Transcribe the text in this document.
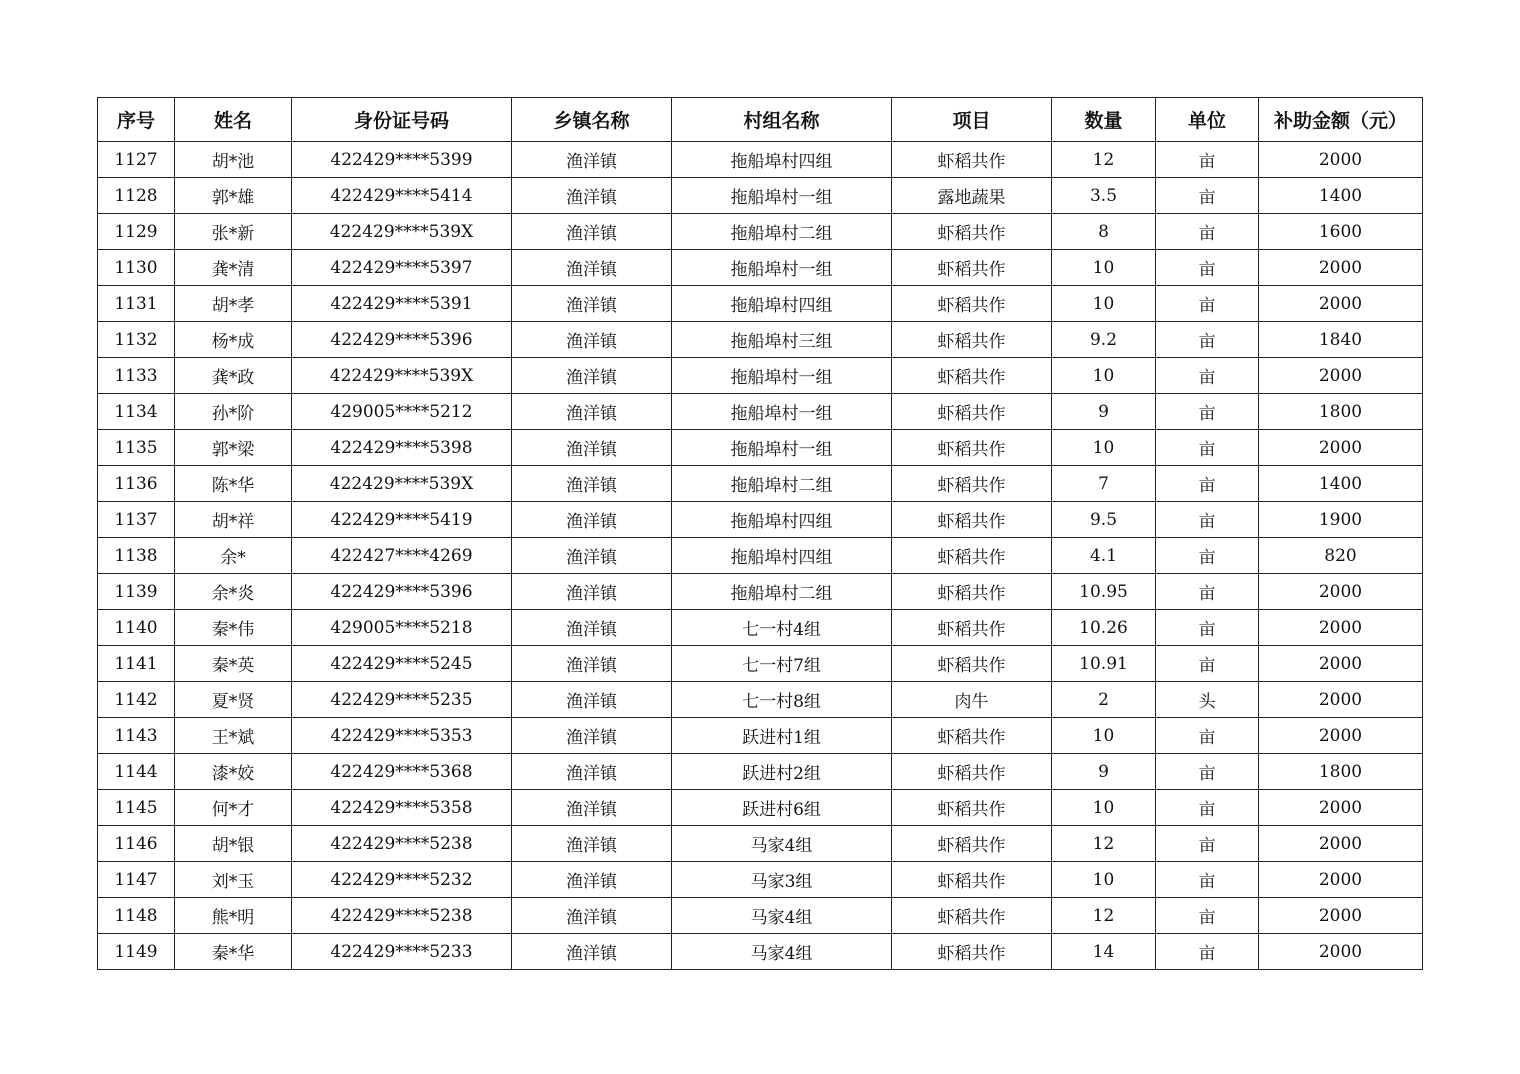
序号	姓名	身份证号码	乡镇名称	村组名称	项目	数量	单位	补助金额（元）
1127	胡*池	422429****5399	渔洋镇	拖船埠村四组	虾稻共作	12	亩	2000
1128	郭*雄	422429****5414	渔洋镇	拖船埠村一组	露地蔬果	3.5	亩	1400
1129	张*新	422429****539X	渔洋镇	拖船埠村二组	虾稻共作	8	亩	1600
1130	龚*清	422429****5397	渔洋镇	拖船埠村一组	虾稻共作	10	亩	2000
1131	胡*孝	422429****5391	渔洋镇	拖船埠村四组	虾稻共作	10	亩	2000
1132	杨*成	422429****5396	渔洋镇	拖船埠村三组	虾稻共作	9.2	亩	1840
1133	龚*政	422429****539X	渔洋镇	拖船埠村一组	虾稻共作	10	亩	2000
1134	孙*阶	429005****5212	渔洋镇	拖船埠村一组	虾稻共作	9	亩	1800
1135	郭*梁	422429****5398	渔洋镇	拖船埠村一组	虾稻共作	10	亩	2000
1136	陈*华	422429****539X	渔洋镇	拖船埠村二组	虾稻共作	7	亩	1400
1137	胡*祥	422429****5419	渔洋镇	拖船埠村四组	虾稻共作	9.5	亩	1900
1138	余*	422427****4269	渔洋镇	拖船埠村四组	虾稻共作	4.1	亩	820
1139	余*炎	422429****5396	渔洋镇	拖船埠村二组	虾稻共作	10.95	亩	2000
1140	秦*伟	429005****5218	渔洋镇	七一村4组	虾稻共作	10.26	亩	2000
1141	秦*英	422429****5245	渔洋镇	七一村7组	虾稻共作	10.91	亩	2000
1142	夏*贤	422429****5235	渔洋镇	七一村8组	肉牛	2	头	2000
1143	王*斌	422429****5353	渔洋镇	跃进村1组	虾稻共作	10	亩	2000
1144	漆*姣	422429****5368	渔洋镇	跃进村2组	虾稻共作	9	亩	1800
1145	何*才	422429****5358	渔洋镇	跃进村6组	虾稻共作	10	亩	2000
1146	胡*银	422429****5238	渔洋镇	马家4组	虾稻共作	12	亩	2000
1147	刘*玉	422429****5232	渔洋镇	马家3组	虾稻共作	10	亩	2000
1148	熊*明	422429****5238	渔洋镇	马家4组	虾稻共作	12	亩	2000
1149	秦*华	422429****5233	渔洋镇	马家4组	虾稻共作	14	亩	2000
